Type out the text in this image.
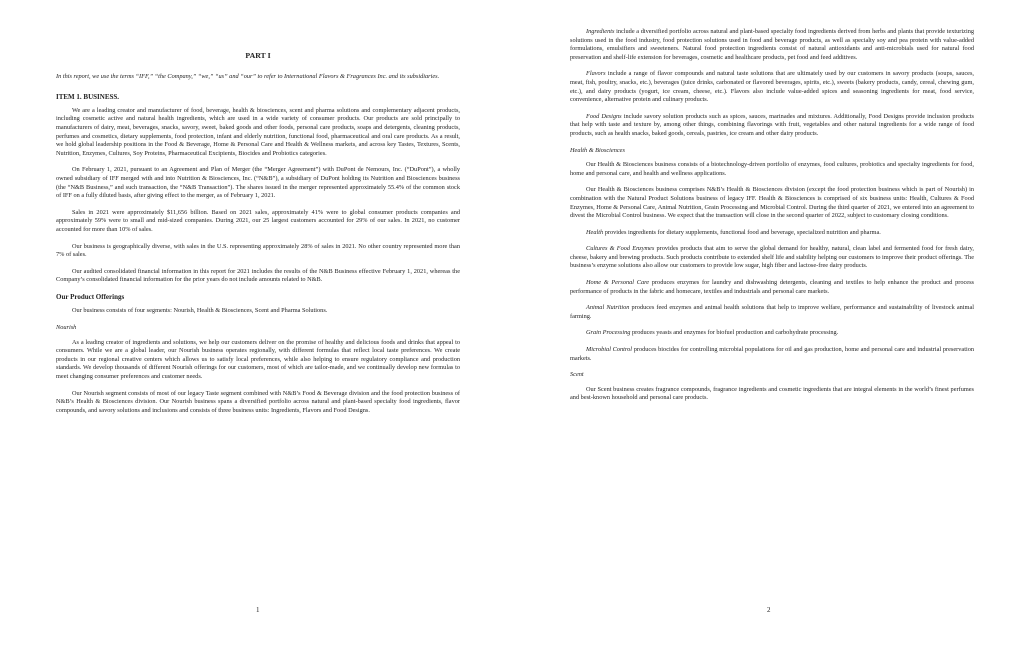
PART I

In this report, we use the terms “IFF,” “the Company,” “we,” “us” and “our” to refer to International Flavors & Fragrances Inc. and its subsidiaries.

ITEM 1. BUSINESS.

We are a leading creator and manufacturer of food, beverage, health & biosciences, scent and pharma solutions and complementary adjacent products, including cosmetic active and natural health ingredients, which are used in a wide variety of consumer products. Our products are sold principally to manufacturers of dairy, meat, beverages, snacks, savory, sweet, baked goods and other foods, personal care products, soaps and detergents, cleaning products, perfumes and cosmetics, dietary supplements, food protection, infant and elderly nutrition, functional food, pharmaceutical and oral care products. As a result, we hold global leadership positions in the Food & Beverage, Home & Personal Care and Health & Wellness markets, and across key Tastes, Textures, Scents, Nutrition, Enzymes, Cultures, Soy Proteins, Pharmaceutical Excipients, Biocides and Probiotics categories.

On February 1, 2021, pursuant to an Agreement and Plan of Merger (the “Merger Agreement”) with DuPont de Nemours, Inc. (“DuPont”), a wholly owned subsidiary of IFF merged with and into Nutrition & Biosciences, Inc. (“N&B”), a subsidiary of DuPont holding its Nutrition and Biosciences business (the “N&B Business,” and such transaction, the “N&B Transaction”). The shares issued in the merger represented approximately 55.4% of the common stock of IFF on a fully diluted basis, after giving effect to the merger, as of February 1, 2021.

Sales in 2021 were approximately $11,656 billion. Based on 2021 sales, approximately 41% were to global consumer products companies and approximately 59% were to small and mid-sized companies. During 2021, our 25 largest customers accounted for 29% of our sales. In 2021, no customer accounted for more than 10% of sales.

Our business is geographically diverse, with sales in the U.S. representing approximately 28% of sales in 2021. No other country represented more than 7% of sales.

Our audited consolidated financial information in this report for 2021 includes the results of the N&B Business effective February 1, 2021, whereas the Company’s consolidated financial information for the prior years do not include amounts related to N&B.

Our Product Offerings

Our business consists of four segments: Nourish, Health & Biosciences, Scent and Pharma Solutions.

Nourish

As a leading creator of ingredients and solutions, we help our customers deliver on the promise of healthy and delicious foods and drinks that appeal to consumers. While we are a global leader, our Nourish business operates regionally, with different formulas that reflect local taste preferences. We create products in our regional creative centers which allows us to satisfy local preferences, while also helping to ensure regulatory compliance and production standards. We develop thousands of different Nourish offerings for our customers, most of which are tailor-made, and we continually develop new formulas to meet changing consumer preferences and customer needs.

Our Nourish segment consists of most of our legacy Taste segment combined with N&B’s Food & Beverage division and the food protection business of N&B’s Health & Biosciences division. Our Nourish business spans a diversified portfolio across natural and plant-based specialty food ingredients, flavor compounds, and savory solutions and inclusions and consists of three business units: Ingredients, Flavors and Food Designs.

1

Ingredients include a diversified portfolio across natural and plant-based specialty food ingredients derived from herbs and plants that provide texturizing solutions used in the food industry, food protection solutions used in food and beverage products, as well as specialty soy and pea protein with value-added formulations, emulsifiers and sweeteners. Natural food protection ingredients consist of natural antioxidants and anti-microbials used for natural food preservation and shelf-life extension for beverages, cosmetic and healthcare products, pet food and feed additives.

Flavors include a range of flavor compounds and natural taste solutions that are ultimately used by our customers in savory products (soups, sauces, meat, fish, poultry, snacks, etc.), beverages (juice drinks, carbonated or flavored beverages, spirits, etc.), sweets (bakery products, candy, cereal, chewing gum, etc.), and dairy products (yogurt, ice cream, cheese, etc.). Flavors also include value-added spices and seasoning ingredients for meat, food service, convenience, alternative protein and culinary products.

Food Designs include savory solution products such as spices, sauces, marinades and mixtures. Additionally, Food Designs provide inclusion products that help with taste and texture by, among other things, combining flavorings with fruit, vegetables and other natural ingredients for a wide range of food products, such as health snacks, baked goods, cereals, pastries, ice cream and other dairy products.

Health & Biosciences

Our Health & Biosciences business consists of a biotechnology-driven portfolio of enzymes, food cultures, probiotics and specialty ingredients for food, home and personal care, and health and wellness applications.

Our Health & Biosciences business comprises N&B’s Health & Biosciences division (except the food protection business which is part of Nourish) in combination with the Natural Product Solutions business of legacy IFF. Health & Biosciences is comprised of six business units: Health, Cultures & Food Enzymes, Home & Personal Care, Animal Nutrition, Grain Processing and Microbial Control. During the third quarter of 2021, we entered into an agreement to divest the Microbial Control business. We expect that the transaction will close in the second quarter of 2022, subject to customary closing conditions.

Health provides ingredients for dietary supplements, functional food and beverage, specialized nutrition and pharma.

Cultures & Food Enzymes provides products that aim to serve the global demand for healthy, natural, clean label and fermented food for fresh dairy, cheese, bakery and brewing products. Such products contribute to extended shelf life and stability helping our customers to improve their product offerings. The business’s enzyme solutions also allow our customers to provide low sugar, high fiber and lactose-free dairy products.

Home & Personal Care produces enzymes for laundry and dishwashing detergents, cleaning and textiles to help enhance the product and process performance of products in the fabric and homecare, textiles and industrials and personal care markets.

Animal Nutrition produces feed enzymes and animal health solutions that help to improve welfare, performance and sustainability of livestock animal farming.

Grain Processing produces yeasts and enzymes for biofuel production and carbohydrate processing.

Microbial Control produces biocides for controlling microbial populations for oil and gas production, home and personal care and industrial preservation markets.

Scent

Our Scent business creates fragrance compounds, fragrance ingredients and cosmetic ingredients that are integral elements in the world’s finest perfumes and best-known household and personal care products.

2
